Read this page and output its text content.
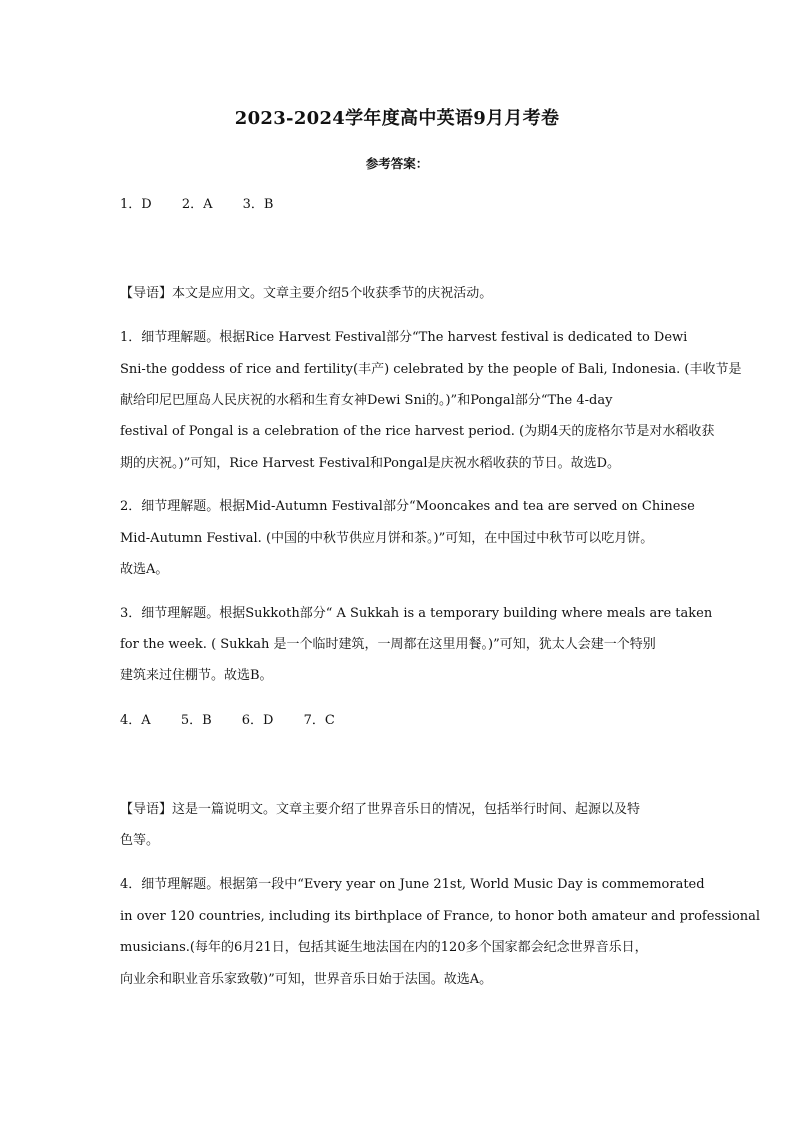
2023-2024学年度高中英语9月月考卷
参考答案：
1．D 2．A 3．B
【导语】本文是应用文。文章主要介绍5个收获季节的庆祝活动。
1．细节理解题。根据Rice Harvest Festival部分“The harvest festival is dedicated to Dewi
Sni-the goddess of rice and fertility(丰产) celebrated by the people of Bali, Indonesia. (丰收节是
献给印尼巴厘岛人民庆祝的水稻和生育女神Dewi Sni的。)”和Pongal部分“The 4-day
festival of Pongal is a celebration of the rice harvest period. (为期4天的庞格尔节是对水稻收获
期的庆祝。)”可知，Rice Harvest Festival和Pongal是庆祝水稻收获的节日。故选D。
2．细节理解题。根据Mid-Autumn Festival部分“Mooncakes and tea are served on Chinese
Mid-Autumn Festival. (中国的中秋节供应月饼和茶。)”可知，在中国过中秋节可以吃月饼。
故选A。
3．细节理解题。根据Sukkoth部分“ A Sukkah is a temporary building where meals are taken
for the week. ( Sukkah 是一个临时建筑，一周都在这里用餐。)”可知，犹太人会建一个特别
建筑来过住棚节。故选B。
4．A 5．B 6．D 7．C
【导语】这是一篇说明文。文章主要介绍了世界音乐日的情况，包括举行时间、起源以及特
色等。
4．细节理解题。根据第一段中“Every year on June 21st, World Music Day is commemorated
in over 120 countries, including its birthplace of France, to honor both amateur and professional
musicians.(每年的6月21日，包括其诞生地法国在内的120多个国家都会纪念世界音乐日，
向业余和职业音乐家致敬)”可知，世界音乐日始于法国。故选A。
